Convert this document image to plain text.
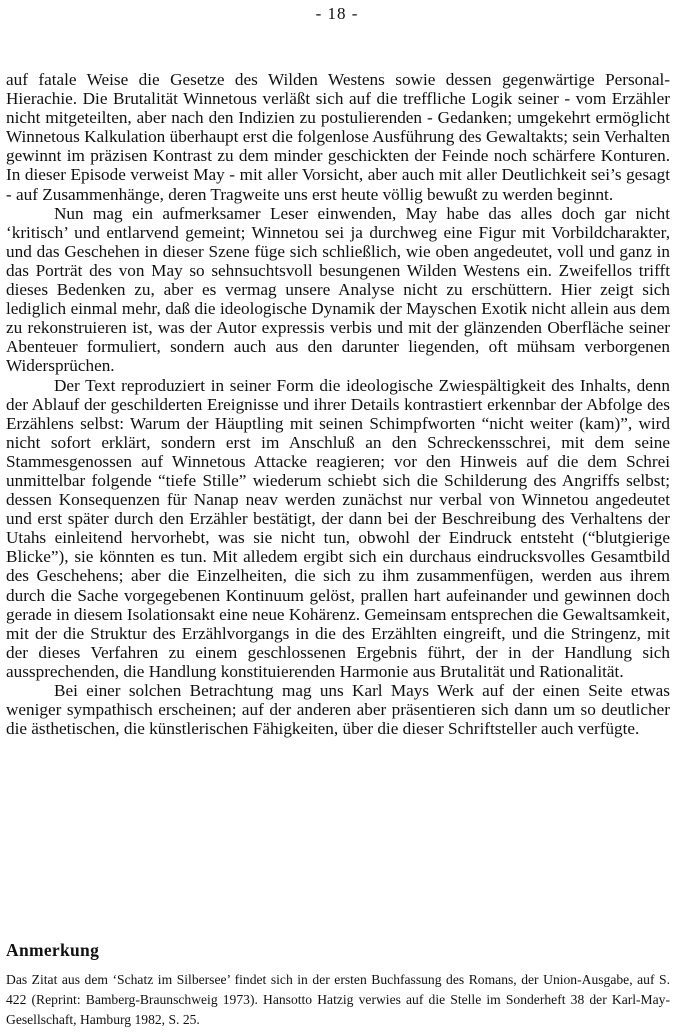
- 18 -

auf fatale Weise die Gesetze des Wilden Westens sowie dessen gegenwärtige Personal-Hierachie. Die Brutalität Winnetous verläßt sich auf die treffliche Logik seiner - vom Erzähler nicht mitgeteilten, aber nach den Indizien zu postulierenden - Gedanken; umgekehrt ermöglicht Winnetous Kalkulation überhaupt erst die folgenlose Ausführung des Gewaltakts; sein Verhalten gewinnt im präzisen Kontrast zu dem minder geschickten der Feinde noch schärfere Konturen. In dieser Episode verweist May - mit aller Vorsicht, aber auch mit aller Deutlichkeit sei’s gesagt - auf Zusammenhänge, deren Tragweite uns erst heute völlig bewußt zu werden beginnt.

Nun mag ein aufmerksamer Leser einwenden, May habe das alles doch gar nicht ‘kritisch’ und entlarvend gemeint; Winnetou sei ja durchweg eine Figur mit Vorbildcharakter, und das Geschehen in dieser Szene füge sich schließlich, wie oben angedeutet, voll und ganz in das Porträt des von May so sehnsuchtsvoll besungenen Wilden Westens ein. Zweifellos trifft dieses Bedenken zu, aber es vermag unsere Analyse nicht zu erschüttern. Hier zeigt sich lediglich einmal mehr, daß die ideologische Dynamik der Mayschen Exotik nicht allein aus dem zu rekonstruieren ist, was der Autor expressis verbis und mit der glänzenden Oberfläche seiner Abenteuer formuliert, sondern auch aus den darunter liegenden, oft mühsam verborgenen Widersprüchen.

Der Text reproduziert in seiner Form die ideologische Zwiespältigkeit des Inhalts, denn der Ablauf der geschilderten Ereignisse und ihrer Details kontrastiert erkennbar der Abfolge des Erzählens selbst: Warum der Häuptling mit seinen Schimpfworten “nicht weiter (kam)”, wird nicht sofort erklärt, sondern erst im Anschluß an den Schreckensschrei, mit dem seine Stammesgenossen auf Winnetous Attacke reagieren; vor den Hinweis auf die dem Schrei unmittelbar folgende “tiefe Stille” wiederum schiebt sich die Schilderung des Angriffs selbst; dessen Konsequenzen für Nanap neav werden zunächst nur verbal von Winnetou angedeutet und erst später durch den Erzähler bestätigt, der dann bei der Beschreibung des Verhaltens der Utahs einleitend hervorhebt, was sie nicht tun, obwohl der Eindruck entsteht (“blutgierige Blicke”), sie könnten es tun. Mit alledem ergibt sich ein durchaus eindrucksvolles Gesamtbild des Geschehens; aber die Einzelheiten, die sich zu ihm zusammenfügen, werden aus ihrem durch die Sache vorgegebenen Kontinuum gelöst, prallen hart aufeinander und gewinnen doch gerade in diesem Isolationsakt eine neue Kohärenz. Gemeinsam entsprechen die Gewaltsamkeit, mit der die Struktur des Erzählvorgangs in die des Erzählten eingreift, und die Stringenz, mit der dieses Verfahren zu einem geschlossenen Ergebnis führt, der in der Handlung sich aussprechenden, die Handlung konstituierenden Harmonie aus Brutalität und Rationalität.

Bei einer solchen Betrachtung mag uns Karl Mays Werk auf der einen Seite etwas weniger sympathisch erscheinen; auf der anderen aber präsentieren sich dann um so deutlicher die ästhetischen, die künstlerischen Fähigkeiten, über die dieser Schriftsteller auch verfügte.

Anmerkung
Das Zitat aus dem ‘Schatz im Silbersee’ findet sich in der ersten Buchfassung des Romans, der Union-Ausgabe, auf S. 422 (Reprint: Bamberg-Braunschweig 1973). Hansotto Hatzig verwies auf die Stelle im Sonderheft 38 der Karl-May-Gesellschaft, Hamburg 1982, S. 25.
